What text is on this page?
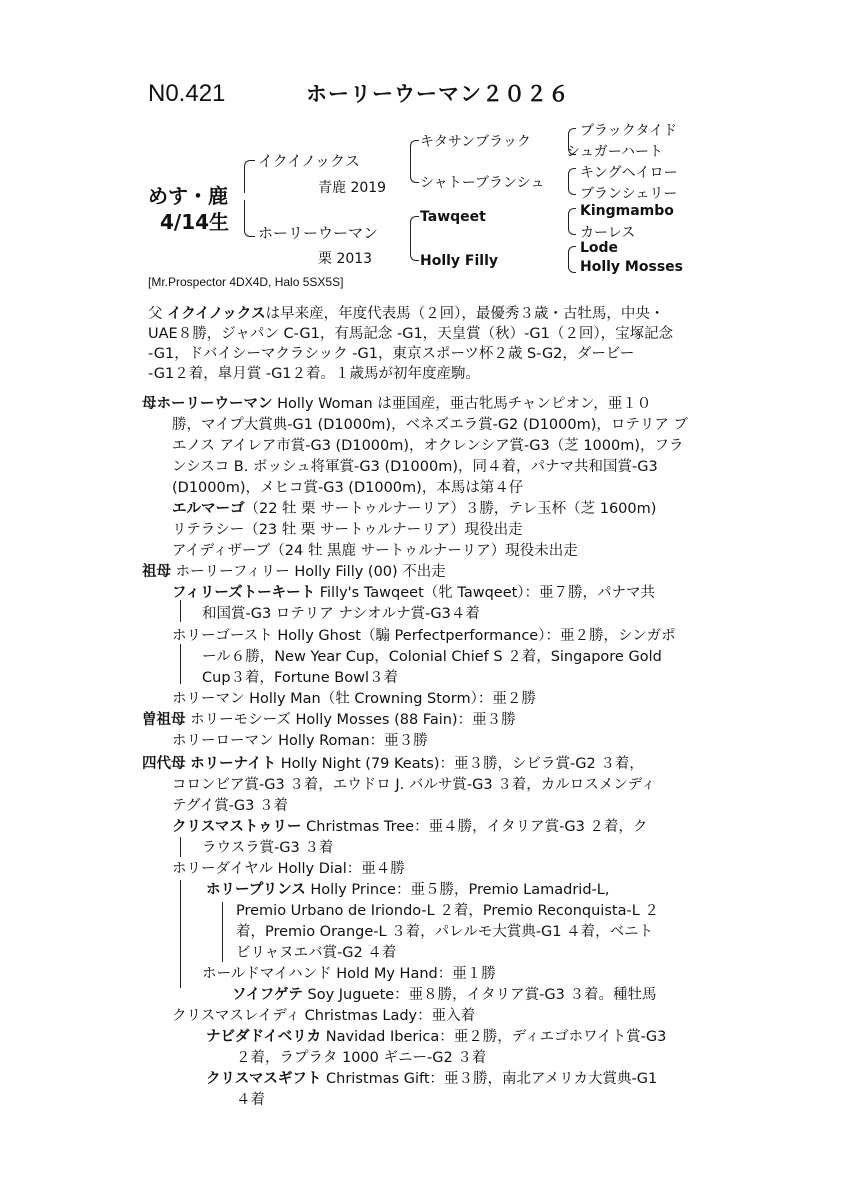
N0.421	ホーリーウーマン２０２６
めす・鹿
4/14生
イクイノックス
青鹿 2019
ホーリーウーマン
栗 2013
キタサンブラック
シャトーブランシュ
Tawqeet
Holly Filly
ブラックタイド
シュガーハート
キングヘイロー
ブランシェリー
Kingmambo
カーレス
Lode
Holly Mosses
[Mr.Prospector 4DX4D, Halo 5SX5S]
父 イクイノックスは早来産，年度代表馬（２回），最優秀３歳・古牡馬，中央・
UAE８勝，ジャパン C-G1，有馬記念 -G1，天皇賞（秋）-G1（２回），宝塚記念
-G1，ドバイシーマクラシック -G1，東京スポーツ杯２歳 S-G2，ダービー
-G1２着，皐月賞 -G1２着。１歳馬が初年度産駒。
母ホーリーウーマン Holly Woman は亜国産，亜古牝馬チャンピオン，亜１０
勝，マイプ大賞典-G1 (D1000m)，ベネズエラ賞-G2 (D1000m)，ロテリア ブ
エノス アイレア市賞-G3 (D1000m)，オクレンシア賞-G3（芝 1000m)，フラ
ンシスコ B. ボッシュ将軍賞-G3 (D1000m)，同４着，パナマ共和国賞-G3
(D1000m)，メヒコ賞-G3 (D1000m)，本馬は第４仔
エルマーゴ（22 牡 栗 サートゥルナーリア）３勝，テレ玉杯（芝 1600m)
リテラシー（23 牡 栗 サートゥルナーリア）現役出走
アイディザーブ（24 牡 黒鹿 サートゥルナーリア）現役未出走
祖母 ホーリーフィリー Holly Filly (00) 不出走
フィリーズトーキート Filly's Tawqeet（牝 Tawqeet）：亜７勝，パナマ共
和国賞-G3 ロテリア ナシオルナ賞-G3４着
ホリーゴースト Holly Ghost（騸 Perfectperformance）：亜２勝，シンガポ
ール６勝，New Year Cup，Colonial Chief S ２着，Singapore Gold
Cup３着，Fortune Bowl３着
ホリーマン Holly Man（牡 Crowning Storm）：亜２勝
曽祖母 ホリーモシーズ Holly Mosses (88 Fain)：亜３勝
ホリーローマン Holly Roman：亜３勝
四代母 ホリーナイト Holly Night (79 Keats)：亜３勝，シビラ賞-G2 ３着，
コロンビア賞-G3 ３着，エウドロ J. バルサ賞-G3 ３着，カルロスメンディ
テグイ賞-G3 ３着
クリスマストゥリー Christmas Tree：亜４勝，イタリア賞-G3 ２着，ク
ラウスラ賞-G3 ３着
ホリーダイヤル Holly Dial：亜４勝
ホリープリンス Holly Prince：亜５勝，Premio Lamadrid-L,
Premio Urbano de Iriondo-L ２着，Premio Reconquista-L ２
着，Premio Orange-L ３着，パレルモ大賞典-G1 ４着，ベニト
ビリャヌエバ賞-G2 ４着
ホールドマイハンド Hold My Hand：亜１勝
ソイフゲテ Soy Juguete：亜８勝，イタリア賞-G3 ３着。種牡馬
クリスマスレイディ Christmas Lady：亜入着
ナビダドイベリカ Navidad Iberica：亜２勝，ディエゴホワイト賞-G3
２着，ラプラタ 1000 ギニー-G2 ３着
クリスマスギフト Christmas Gift：亜３勝，南北アメリカ大賞典-G1
４着
